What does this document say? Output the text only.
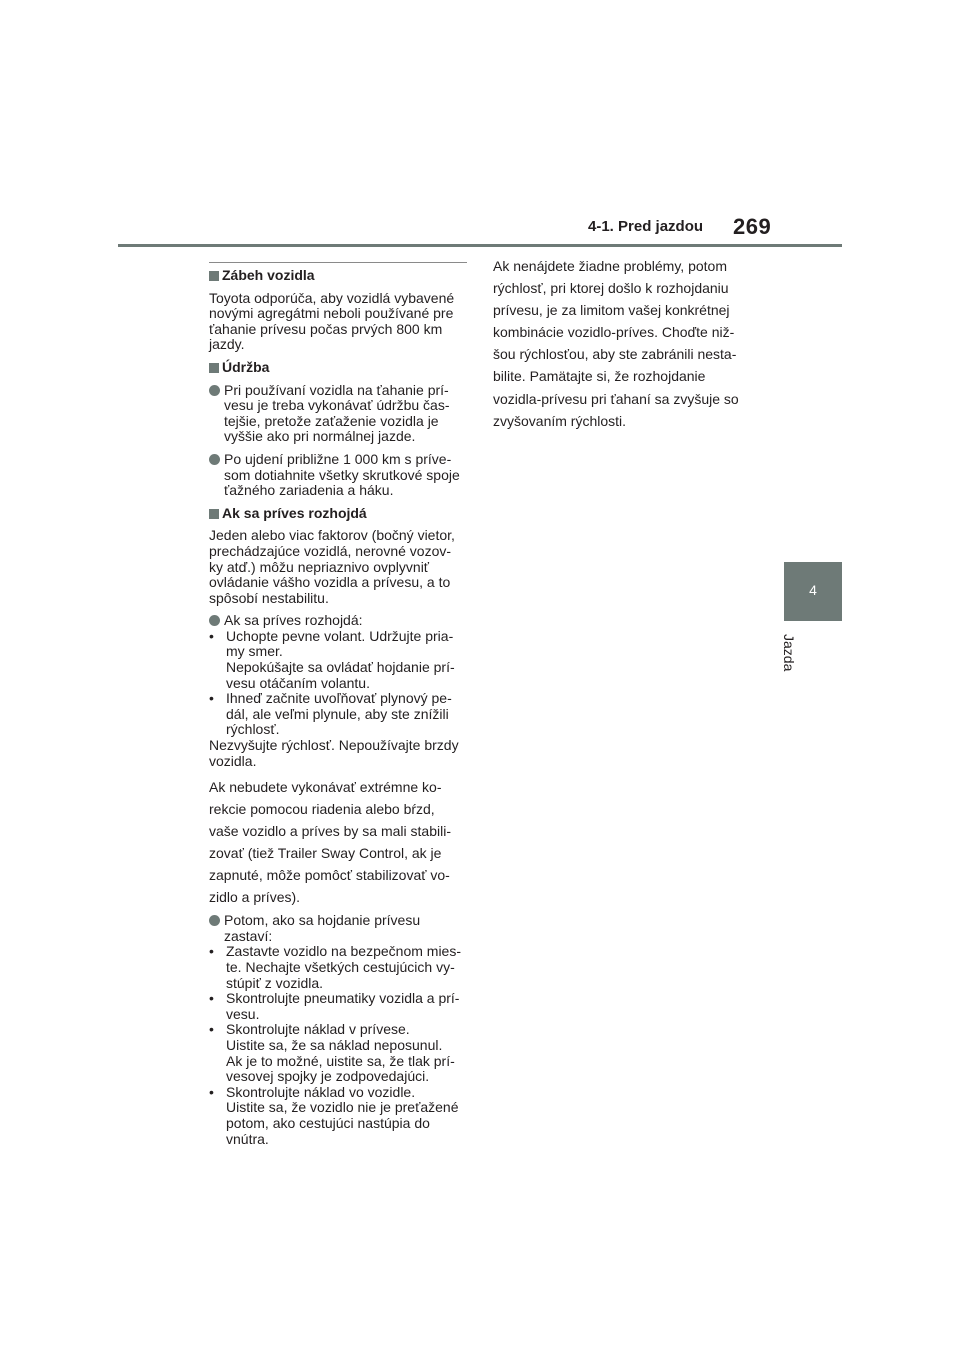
4-1. Pred jazdou 269
4
Jazda
Zábeh vozidla
Toyota odporúča, aby vozidlá vybavené
novými agregátmi neboli používané pre
ťahanie prívesu počas prvých 800 km
jazdy.
Údržba
Pri používaní vozidla na ťahanie prí-
vesu je treba vykonávať údržbu čas-
tejšie, pretože zaťaženie vozidla je
vyššie ako pri normálnej jazde.
Po ujdení približne 1 000 km s príve-
som dotiahnite všetky skrutkové spoje
ťažného zariadenia a háku.
Ak sa príves rozhojdá
Jeden alebo viac faktorov (bočný vietor,
prechádzajúce vozidlá, nerovné vozov-
ky atď.) môžu nepriaznivo ovplyvniť
ovládanie vášho vozidla a prívesu, a to
spôsobí nestabilitu.
Ak sa príves rozhojdá:
• Uchopte pevne volant. Udržujte pria-
my smer.
Nepokúšajte sa ovládať hojdanie prí-
vesu otáčaním volantu.
• Ihneď začnite uvoľňovať plynový pe-
dál, ale veľmi plynule, aby ste znížili
rýchlosť.
Nezvyšujte rýchlosť. Nepoužívajte brzdy
vozidla.
Ak nebudete vykonávať extrémne ko-
rekcie pomocou riadenia alebo bŕzd,
vaše vozidlo a príves by sa mali stabili-
zovať (tiež Trailer Sway Control, ak je
zapnuté, môže pomôcť stabilizovať vo-
zidlo a príves).
Potom, ako sa hojdanie prívesu zastaví:
• Zastavte vozidlo na bezpečnom mies-
te. Nechajte všetkých cestujúcich vy-
stúpiť z vozidla.
• Skontrolujte pneumatiky vozidla a prí-
vesu.
• Skontrolujte náklad v prívese.
Uistite sa, že sa náklad neposunul.
Ak je to možné, uistite sa, že tlak prí-
vesovej spojky je zodpovedajúci.
• Skontrolujte náklad vo vozidle.
Uistite sa, že vozidlo nie je preťažené
potom, ako cestujúci nastúpia do
vnútra.
Ak nenájdete žiadne problémy, potom
rýchlosť, pri ktorej došlo k rozhojdaniu
prívesu, je za limitom vašej konkrétnej
kombinácie vozidlo-príves. Choďte niž-
šou rýchlosťou, aby ste zabránili nesta-
bilite. Pamätajte si, že rozhojdanie
vozidla-prívesu pri ťahaní sa zvyšuje so
zvyšovaním rýchlosti.
